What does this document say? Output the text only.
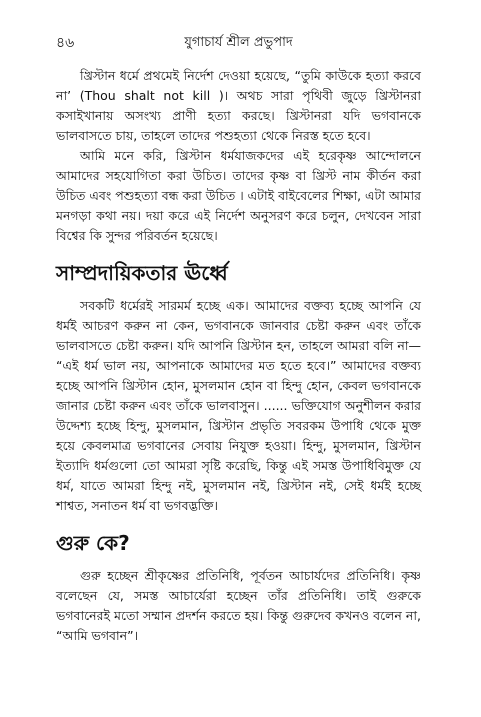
৪৬	যুগাচার্য শ্রীল প্রভুপাদ

খ্রিস্টান ধর্মে প্রথমেই নির্দেশ দেওয়া হয়েছে, “তুমি কাউকে হত্যা করবে না’ (Thou shalt not kill )। অথচ সারা পৃথিবী জুড়ে খ্রিস্টানরা কসাইখানায় অসংখ্য প্রাণী হত্যা করছে। খ্রিস্টানরা যদি ভগবানকে ভালবাসতে চায়, তাহলে তাদের পশুহত্যা থেকে নিরস্ত হতে হবে।

আমি মনে করি, খ্রিস্টান ধর্মযাজকদের এই হরেকৃষ্ণ আন্দোলনে আমাদের সহযোগিতা করা উচিত। তাদের কৃষ্ণ বা খ্রিস্ট নাম কীর্তন করা উচিত এবং পশুহত্যা বন্ধ করা উচিত । এটাই বাইবেলের শিক্ষা, এটা আমার মনগড়া কথা নয়। দয়া করে এই নির্দেশ অনুসরণ করে চলুন, দেখবেন সারা বিশ্বের কি সুন্দর পরিবর্তন হয়েছে।

সাম্প্রদায়িকতার ঊর্ধ্বে

সবকটি ধর্মেরই সারমর্ম হচ্ছে এক। আমাদের বক্তব্য হচ্ছে আপনি যে ধর্মই আচরণ করুন না কেন, ভগবানকে জানবার চেষ্টা করুন এবং তাঁকে ভালবাসতে চেষ্টা করুন। যদি আপনি খ্রিস্টান হন, তাহলে আমরা বলি না— “এই ধর্ম ভাল নয়, আপনাকে আমাদের মত হতে হবে।” আমাদের বক্তব্য হচ্ছে আপনি খ্রিস্টান হোন, মুসলমান হোন বা হিন্দু হোন, কেবল ভগবানকে জানার চেষ্টা করুন এবং তাঁকে ভালবাসুন। ...... ভক্তিযোগ অনুশীলন করার উদ্দেশ্য হচ্ছে হিন্দু, মুসলমান, খ্রিস্টান প্রভৃতি সবরকম উপাধি থেকে মুক্ত হয়ে কেবলমাত্র ভগবানের সেবায় নিযুক্ত হওয়া। হিন্দু, মুসলমান, খ্রিস্টান ইত্যাদি ধর্মগুলো তো আমরা সৃষ্টি করেছি, কিন্তু এই সমস্ত উপাধিবিমুক্ত যে ধর্ম, যাতে আমরা হিন্দু নই, মুসলমান নই, খ্রিস্টান নই, সেই ধর্মই হচ্ছে শাশ্বত, সনাতন ধর্ম বা ভগবদ্ভক্তি।

গুরু কে?

গুরু হচ্ছেন শ্রীকৃষ্ণের প্রতিনিধি, পূর্বতন আচার্যদের প্রতিনিধি। কৃষ্ণ বলেছেন যে, সমস্ত আচার্যেরা হচ্ছেন তাঁর প্রতিনিধি। তাই গুরুকে ভগবানেরই মতো সম্মান প্রদর্শন করতে হয়। কিন্তু গুরুদেব কখনও বলেন না, “আমি ভগবান”।
